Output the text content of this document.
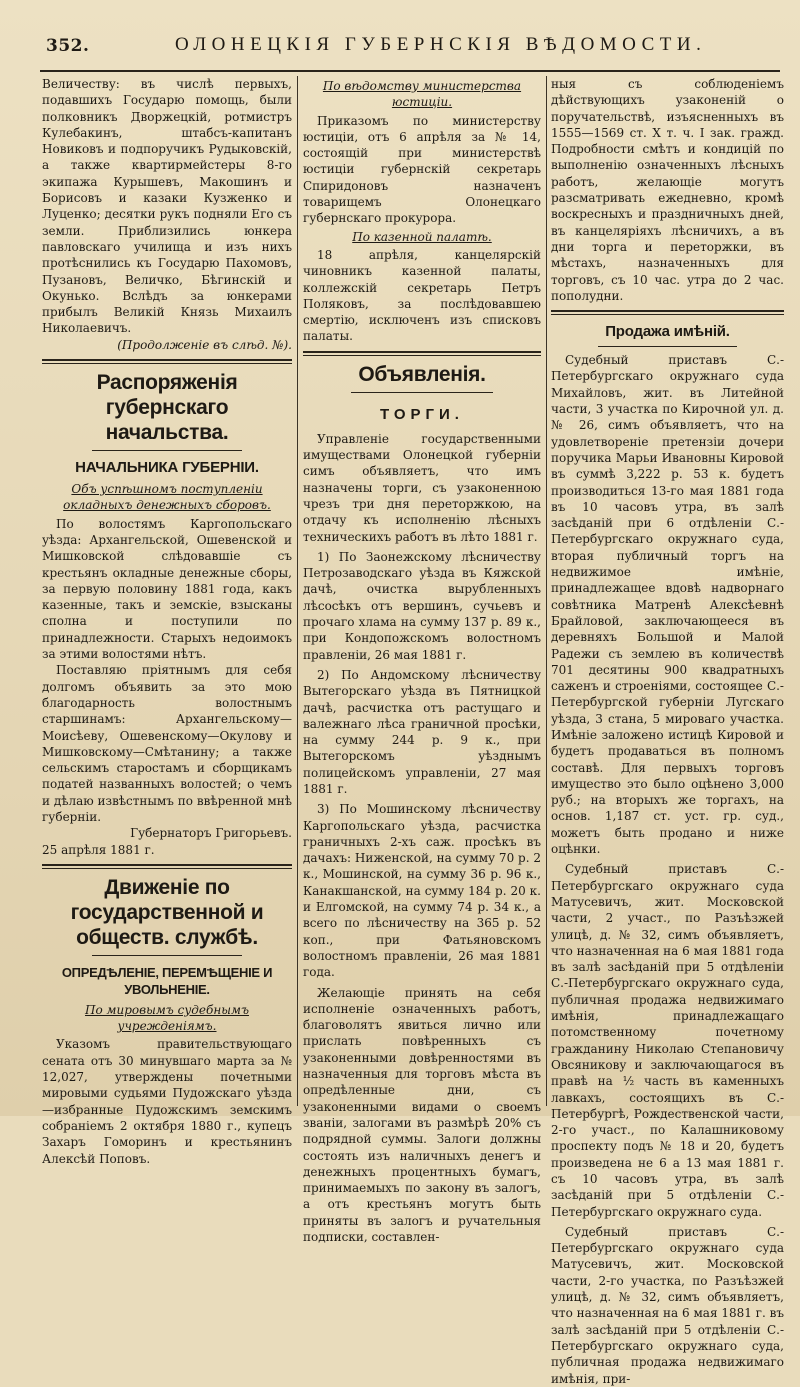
352.	ОЛОНЕЦКІЯ ГУБЕРНСКІЯ ВѢДОМОСТИ.

Величеству: въ числѣ первыхъ, подавшихъ Государю помощь, были полковникъ Дворжецкій, ротмистръ Кулебакинъ, штабсъ-капитанъ Новиковъ и подпоручикъ Рудыковскій, а также квартирмейстеры 8-го экипажа Курышевъ, Макошинъ и Борисовъ и казаки Кузженко и Луценко; десятки рукъ подняли Его съ земли. Приблизились юнкера павловскаго училища и изъ нихъ протѣснились къ Государю Пахомовъ, Пузановъ, Величко, Бѣгинскій и Окунько. Вслѣдъ за юнкерами прибылъ Великій Князь Михаилъ Николаевичъ.

(Продолженіе въ слѣд. №).

Распоряженія губернскаго начальства.
НАЧАЛЬНИКА ГУБЕРНІИ.

Объ успѣшномъ поступленіи окладныхъ денежныхъ сборовъ.

По волостямъ Каргопольскаго уѣзда: Архангельской, Ошевенской и Мишковской слѣдовавшіе съ крестьянъ окладные денежные сборы, за первую половину 1881 года, какъ казенные, такъ и земскіе, взысканы сполна и поступили по принадлежности. Старыхъ недоимокъ за этими волостями нѣтъ.

Поставляю пріятнымъ для себя долгомъ объявить за это мою благодарность волостнымъ старшинамъ: Архангельскому—Моисѣеву, Ошевенскому—Окулову и Мишковскому—Смѣтанину; а также сельскимъ старостамъ и сборщикамъ податей названныхъ волостей; о чемъ и дѣлаю извѣстнымъ по ввѣренной мнѣ губерніи.

Губернаторъ Григорьевъ.

25 апрѣля 1881 г.

Движеніе по государственной и обществ. службѣ.
ОПРЕДѢЛЕНІЕ, ПЕРЕМѢЩЕНІЕ И УВОЛЬНЕНІЕ.

По мировымъ судебнымъ учрежденіямъ.

Указомъ правительствующаго сената отъ 30 минувшаго марта за № 12,027, утверждены почетными мировыми судьями Пудожскаго уѣзда—избранные Пудожскимъ земскимъ собраніемъ 2 октября 1880 г., купецъ Захаръ Гоморинъ и крестьянинъ Алексѣй Поповъ.

По вѣдомству министерства юстиціи.

Приказомъ по министерству юстиціи, отъ 6 апрѣля за № 14, состоящій при министерствѣ юстиціи губернскій секретарь Спиридоновъ назначенъ товарищемъ Олонецкаго губернскаго прокурора.

По казенной палатѣ.

18 апрѣля, канцелярскій чиновникъ казенной палаты, коллежскій секретарь Петръ Поляковъ, за послѣдовавшею смертію, исключенъ изъ списковъ палаты.

Объявленія.
ТОРГИ.

Управленіе государственными имуществами Олонецкой губерніи симъ объявляетъ, что имъ назначены торги, съ узаконенною чрезъ три дня переторжкою, на отдачу къ исполненію лѣсныхъ техническихъ работъ въ лѣто 1881 г.

1) По Заонежскому лѣсничеству Петрозаводскаго уѣзда въ Кяжской дачѣ, очистка вырубленныхъ лѣсосѣкъ отъ вершинъ, сучьевъ и прочаго хлама на сумму 137 р. 89 к., при Кондопожскомъ волостномъ правленіи, 26 мая 1881 г.

2) По Андомскому лѣсничеству Вытегорскаго уѣзда въ Пятницкой дачѣ, расчистка отъ растущаго и валежнаго лѣса граничной просѣки, на сумму 244 р. 9 к., при Вытегорскомъ уѣзднымъ полицейскомъ управленіи, 27 мая 1881 г.

3) По Мошинскому лѣсничеству Каргопольскаго уѣзда, расчистка граничныхъ 2-хъ саж. просѣкъ въ дачахъ: Ниженской, на сумму 70 р. 2 к., Мошинской, на сумму 36 р. 96 к., Канакшанской, на сумму 184 р. 20 к. и Елгомской, на сумму 74 р. 34 к., а всего по лѣсничеству на 365 р. 52 коп., при Фатьяновскомъ волостномъ правленіи, 26 мая 1881 года.

Желающіе принять на себя исполненіе означенныхъ работъ, благоволятъ явиться лично или прислать повѣренныхъ съ узаконенными довѣренностями въ назначенныя для торговъ мѣста въ опредѣленные дни, съ узаконенными видами о своемъ званіи, залогами въ размѣрѣ 20% съ подрядной суммы. Залоги должны состоять изъ наличныхъ денегъ и денежныхъ процентныхъ бумагъ, принимаемыхъ по закону въ залогъ, а отъ крестьянъ могутъ быть приняты въ залогъ и ручательныя подписки, составлен-

ныя съ соблюденіемъ дѣйствующихъ узаконеній о поручательствѣ, изъясненныхъ въ 1555—1569 ст. X т. ч. I зак. гражд. Подробности смѣтъ и кондицій по выполненію означенныхъ лѣсныхъ работъ, желающіе могутъ разсматривать ежедневно, кромѣ воскресныхъ и праздничныхъ дней, въ канцеляріяхъ лѣсничихъ, а въ дни торга и переторжки, въ мѣстахъ, назначенныхъ для торговъ, съ 10 час. утра до 2 час. пополудни.

Продажа имѣній.

Судебный приставъ С.-Петербургскаго окружнаго суда Михайловъ, жит. въ Литейной части, 3 участка по Кирочной ул. д. № 26, симъ объявляетъ, что на удовлетвореніе претензіи дочери поручика Марьи Ивановны Кировой въ суммѣ 3,222 р. 53 к. будетъ производиться 13-го мая 1881 года въ 10 часовъ утра, въ залѣ засѣданій при 6 отдѣленіи С.-Петербургскаго окружнаго суда, вторая публичный торгъ на недвижимое имѣніе, принадлежащее вдовѣ надворнаго совѣтника Матренѣ Алексѣевнѣ Брайловой, заключающееся въ деревняхъ Большой и Малой Радежи съ землею въ количествѣ 701 десятины 900 квадратныхъ саженъ и строеніями, состоящее С.-Петербургской губерніи Лугскаго уѣзда, 3 стана, 5 мироваго участка. Имѣніе заложено истицѣ Кировой и будетъ продаваться въ полномъ составѣ. Для первыхъ торговъ имущество это было оцѣнено 3,000 руб.; на вторыхъ же торгахъ, на основ. 1,187 ст. уст. гр. суд., можетъ быть продано и ниже оцѣнки.

Судебный приставъ С.-Петербургскаго окружнаго суда Матусевичъ, жит. Московской части, 2 участ., по Разъѣзжей улицѣ, д. № 32, симъ объявляетъ, что назначенная на 6 мая 1881 года въ залѣ засѣданій при 5 отдѣленіи С.-Петербургскаго окружнаго суда, публичная продажа недвижимаго имѣнія, принадлежащаго потомственному почетному гражданину Николаю Степановичу Овсяникову и заключающагося въ правѣ на ½ часть въ каменныхъ лавкахъ, состоящихъ въ С.-Петербургѣ, Рождественской части, 2-го участ., по Калашниковому проспекту подъ № 18 и 20, будетъ произведена не 6 а 13 мая 1881 г. съ 10 часовъ утра, въ залѣ засѣданій при 5 отдѣленіи С.-Петербургскаго окружнаго суда.

Судебный приставъ С.-Петербургскаго окружнаго суда Матусевичъ, жит. Московской части, 2-го участка, по Разъѣзжей улицѣ, д. № 32, симъ объявляетъ, что назначенная на 6 мая 1881 г. въ залѣ засѣданій при 5 отдѣленіи С.-Петербургскаго окружнаго суда, публичная продажа недвижимаго имѣнія, при-
